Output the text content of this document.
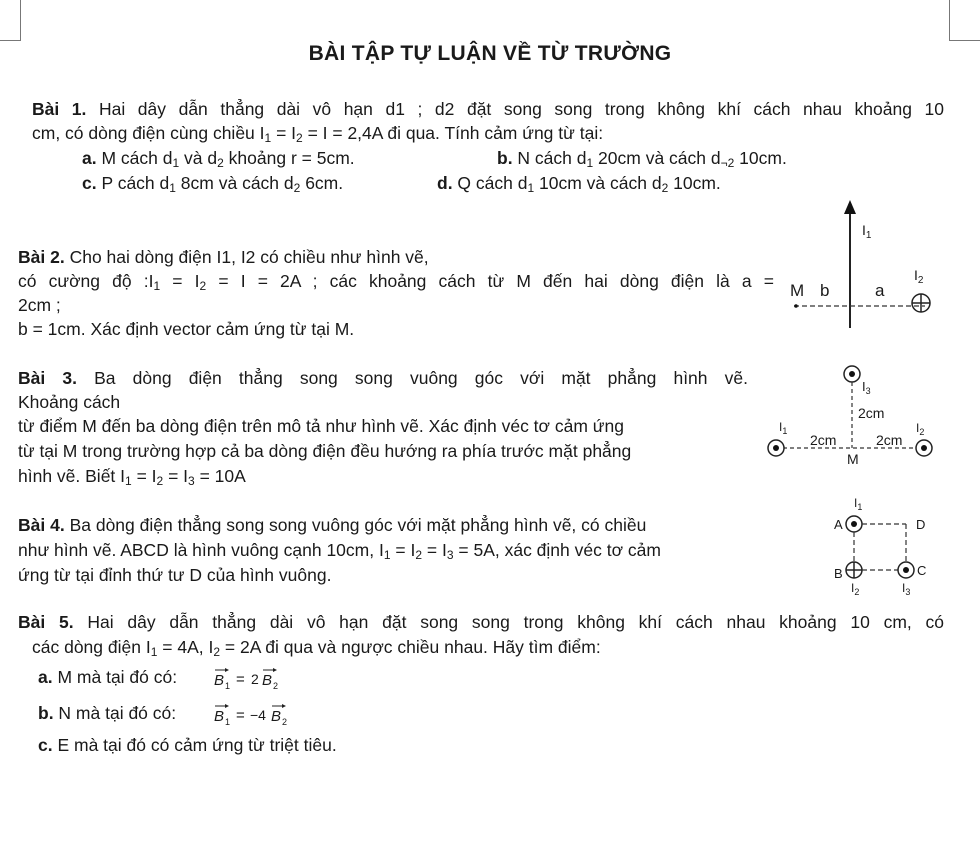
BÀI TẬP TỰ LUẬN VỀ TỪ TRƯỜNG
Bài 1. Hai dây dẫn thẳng dài vô hạn d1 ; d2 đặt song song trong không khí cách nhau khoảng 10
cm, có dòng điện cùng chiều $I_1 = I_2 = I = 2,4A$ đi qua. Tính cảm ứng từ tại:
a. M cách $d_1$ và $d_2$ khoảng r = 5cm.	b. N cách $d_1$ 20cm và cách $d_{\neg 2}$ 10cm.
c. P cách $d_1$ 8cm và cách $d_2$ 6cm.	d. Q cách $d_1$ 10cm và cách $d_2$ 10cm.
Bài 2. Cho hai dòng điện I1, I2 có chiều như hình vẽ,
có cường độ $:I_1 = I_2 = I = 2A$ ; các khoảng cách từ M đến hai dòng điện là a =
2cm ;
b = 1cm. Xác định vector cảm ứng từ tại M.
$I_1$
M b	a
$I_2$
Bài 3. Ba dòng điện thẳng song song vuông góc với mặt phẳng hình vẽ.
Khoảng cách
từ điểm M đến ba dòng điện trên mô tả như hình vẽ. Xác định véc tơ cảm ứng
từ tại M trong trường hợp cả ba dòng điện đều hướng ra phía trước mặt phẳng
hình vẽ. Biết $I_1 = I_2 = I_3 = 10A$
$I_3$
2cm
$I_1$
2cm
M
2cm
$I_2$
Bài 4. Ba dòng điện thẳng song song vuông góc với mặt phẳng hình vẽ, có chiều
như hình vẽ. ABCD là hình vuông cạnh 10cm, $I_1 = I_2 = I_3 = 5A$, xác định véc tơ cảm
ứng từ tại đỉnh thứ tư D của hình vuông.
$I_1$
A	D
B	C
$I_2$	$I_3$
Bài 5. Hai dây dẫn thẳng dài vô hạn đặt song song trong không khí cách nhau khoảng 10 cm, có
các dòng điện $I_1 = 4A$, $I_2 = 2A$ đi qua và ngược chiều nhau. Hãy tìm điểm:
a. M mà tại đó có: B 1 = 2 B 2
b. N mà tại đó có:	B 1 = −4 B 2
c. E mà tại đó có cảm ứng từ triệt tiêu.
